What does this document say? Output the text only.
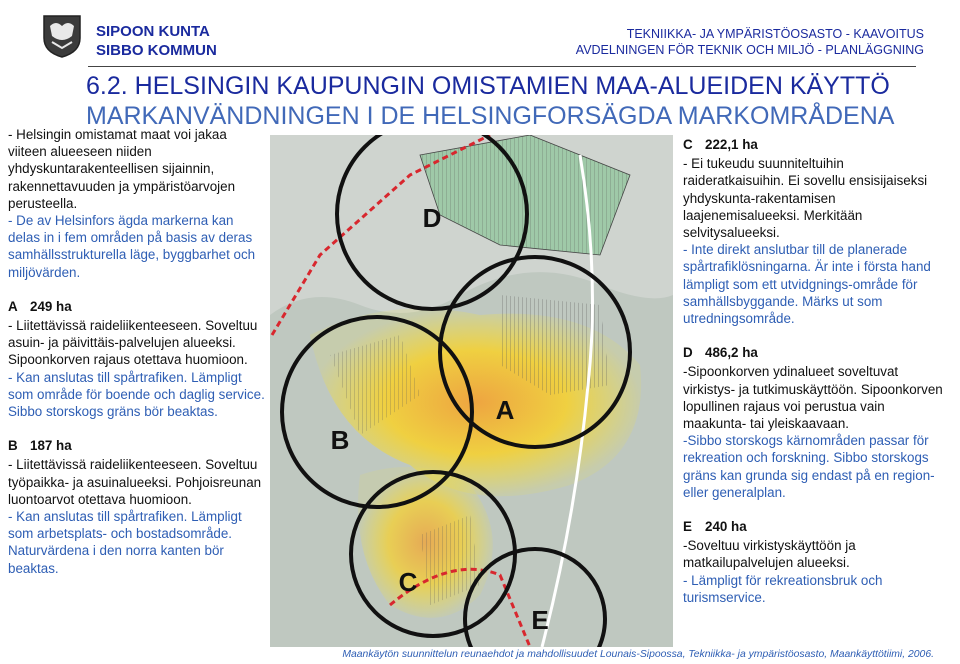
SIPOON KUNTA
SIBBO KOMMUN
TEKNIIKKA- JA YMPÄRISTÖOSASTO - KAAVOITUS
AVDELNINGEN FÖR TEKNIK OCH MILJÖ - PLANLÄGGNING
6.2. HELSINGIN KAUPUNGIN OMISTAMIEN MAA-ALUEIDEN KÄYTTÖ
MARKANVÄNDNINGEN I DE HELSINGFORSÄGDA MARKOMRÅDENA

- Helsingin omistamat maat voi jakaa viiteen alueeseen niiden yhdyskuntarakenteellisen sijainnin, rakennettavuuden ja ympäristöarvojen perusteella.

- De av Helsinfors ägda markerna kan delas in i fem områden på basis av deras samhällsstrukturella läge, byggbarhet och miljövärden.

A 249 ha

- Liitettävissä raideliikenteeseen. Soveltuu asuin- ja päivittäis-palvelujen alueeksi. Sipoonkorven rajaus otettava huomioon.

- Kan anslutas till spårtrafiken. Lämpligt som område för boende och daglig service. Sibbo storskogs gräns bör beaktas.

B 187 ha

- Liitettävissä raideliikenteeseen. Soveltuu työpaikka- ja asuinalueeksi. Pohjoisreunan luontoarvot otettava huomioon.

- Kan anslutas till spårtrafiken. Lämpligt som arbetsplats- och bostadsområde. Naturvärdena i den norra kanten bör beaktas.

C 222,1 ha

- Ei tukeudu suunniteltuihin raideratkaisuihin. Ei sovellu ensisijaiseksi yhdyskunta-rakentamisen laajenemisalueeksi. Merkitään selvitysalueeksi.

- Inte direkt anslutbar till de planerade spårtrafiklösningarna. Är inte i första hand lämpligt som ett utvidgnings-område för samhällsbyggande. Märks ut som utredningsområde.

D 486,2 ha

-Sipoonkorven ydinalueet soveltuvat virkistys- ja tutkimuskäyttöön. Sipoonkorven lopullinen rajaus voi perustua vain maakunta- tai yleiskaavaan.

-Sibbo storskogs kärnområden passar för rekreation och forskning. Sibbo storskogs gräns kan grunda sig endast på en region- eller generalplan.

E 240 ha

-Soveltuu virkistyskäyttöön ja matkailupalvelujen alueeksi.

- Lämpligt för rekreationsbruk och turismservice.

D
A
B
C
E
Maankäytön suunnittelun reunaehdot ja mahdollisuudet Lounais-Sipoossa, Tekniikka- ja ympäristöosasto, Maankäyttötiimi, 2006.
